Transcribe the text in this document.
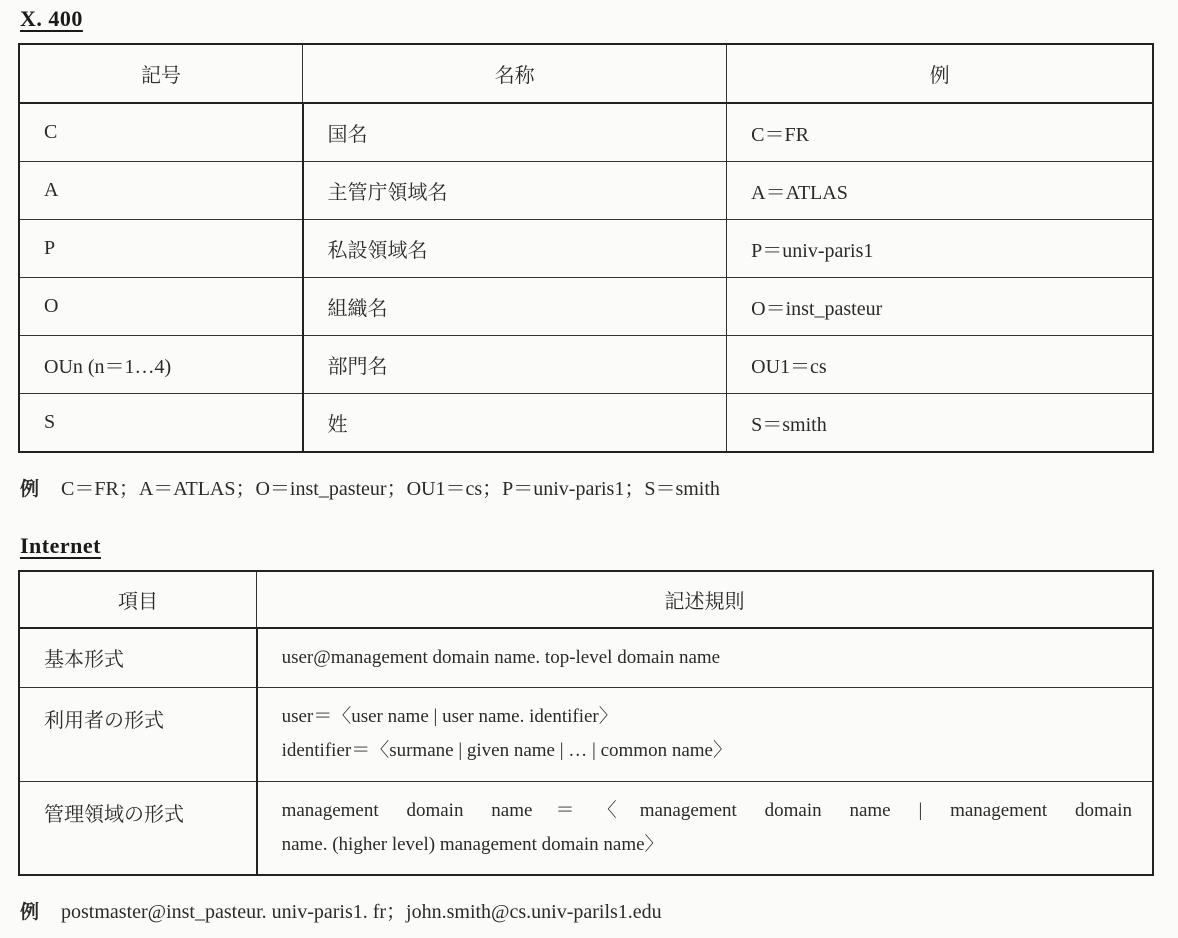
X. 400
記号	名称	例
C	国名	C＝FR
A	主管庁領域名	A＝ATLAS
P	私設領域名	P＝univ-paris1
O	組織名	O＝inst_pasteur
OUn (n＝1…4)	部門名	OU1＝cs
S	姓	S＝smith
例 C＝FR；A＝ATLAS；O＝inst_pasteur；OU1＝cs；P＝univ-paris1；S＝smith
Internet
項目	記述規則
基本形式	user@management domain name. top-level domain name

利用者の形式	user＝〈user name | user name. identifier〉
identifier＝〈surmane | given name | … | common name〉

管理領域の形式	management domain name＝〈management domain name | management domain
name. (higher level) management domain name〉
例 postmaster@inst_pasteur. univ-paris1. fr；john.smith@cs.univ-parils1.edu
